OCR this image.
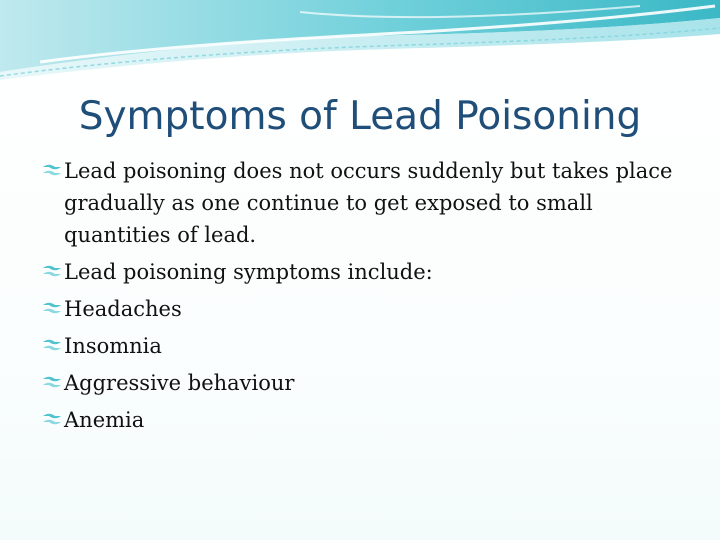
Symptoms of Lead Poisoning
Lead poisoning does not occurs suddenly but takes place gradually as one continue to get exposed to small quantities of lead.
Lead poisoning symptoms include:
Headaches
Insomnia
Aggressive behaviour
Anemia
